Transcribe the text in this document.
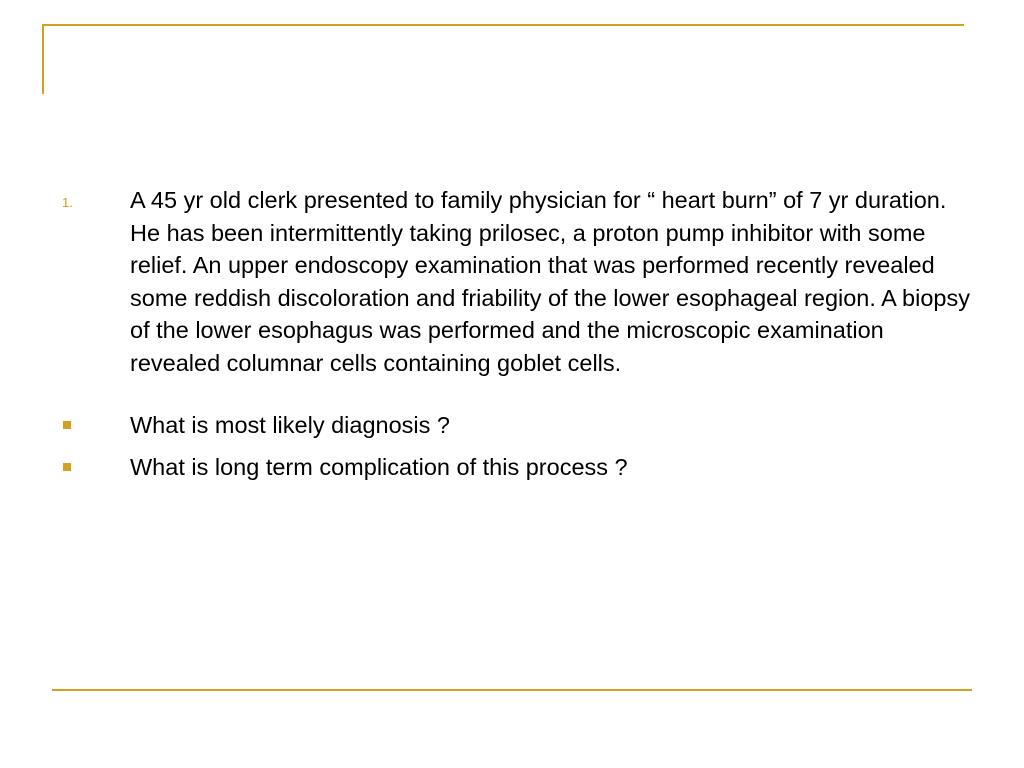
1. A 45 yr old clerk presented to family physician for “ heart burn” of 7 yr duration. He has been intermittently taking prilosec, a proton pump inhibitor with some relief. An upper endoscopy examination that was performed recently revealed some reddish discoloration and friability of the lower esophageal region. A biopsy of the lower esophagus was performed and the microscopic examination revealed columnar cells containing goblet cells.
What is most likely diagnosis ?
What is long term complication of this process ?
